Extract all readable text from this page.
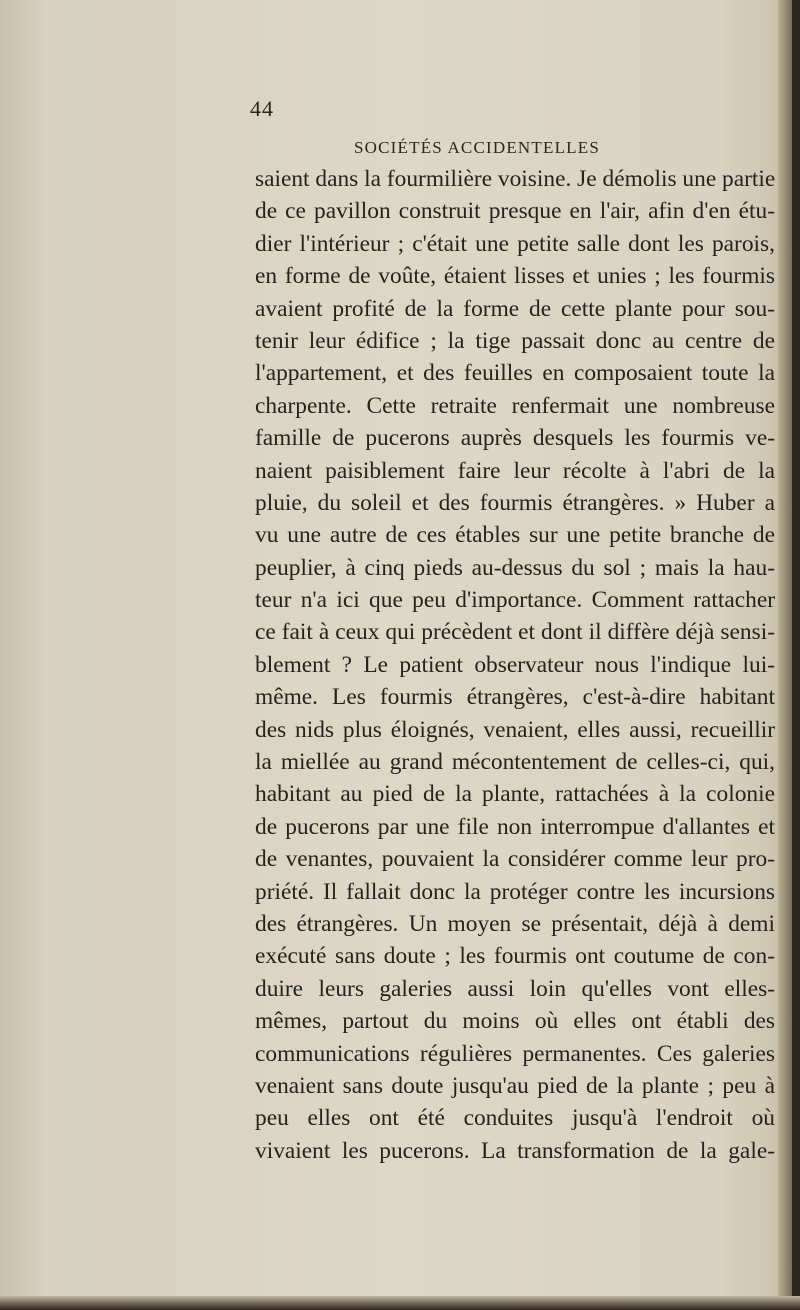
44
SOCIÉTÉS ACCIDENTELLES
saient dans la fourmilière voisine. Je démolis une partie
de ce pavillon construit presque en l'air, afin d'en étu-
dier l'intérieur ; c'était une petite salle dont les parois,
en forme de voûte, étaient lisses et unies ; les fourmis
avaient profité de la forme de cette plante pour sou-
tenir leur édifice ; la tige passait donc au centre de
l'appartement, et des feuilles en composaient toute la
charpente. Cette retraite renfermait une nombreuse
famille de pucerons auprès desquels les fourmis ve-
naient paisiblement faire leur récolte à l'abri de la
pluie, du soleil et des fourmis étrangères. » Huber a
vu une autre de ces étables sur une petite branche de
peuplier, à cinq pieds au-dessus du sol ; mais la hau-
teur n'a ici que peu d'importance. Comment rattacher
ce fait à ceux qui précèdent et dont il diffère déjà sensi-
blement ? Le patient observateur nous l'indique lui-
même. Les fourmis étrangères, c'est-à-dire habitant
des nids plus éloignés, venaient, elles aussi, recueillir
la miellée au grand mécontentement de celles-ci, qui,
habitant au pied de la plante, rattachées à la colonie
de pucerons par une file non interrompue d'allantes et
de venantes, pouvaient la considérer comme leur pro-
priété. Il fallait donc la protéger contre les incursions
des étrangères. Un moyen se présentait, déjà à demi
exécuté sans doute ; les fourmis ont coutume de con-
duire leurs galeries aussi loin qu'elles vont elles-
mêmes, partout du moins où elles ont établi des
communications régulières permanentes. Ces galeries
venaient sans doute jusqu'au pied de la plante ; peu à
peu elles ont été conduites jusqu'à l'endroit où
vivaient les pucerons. La transformation de la gale-
